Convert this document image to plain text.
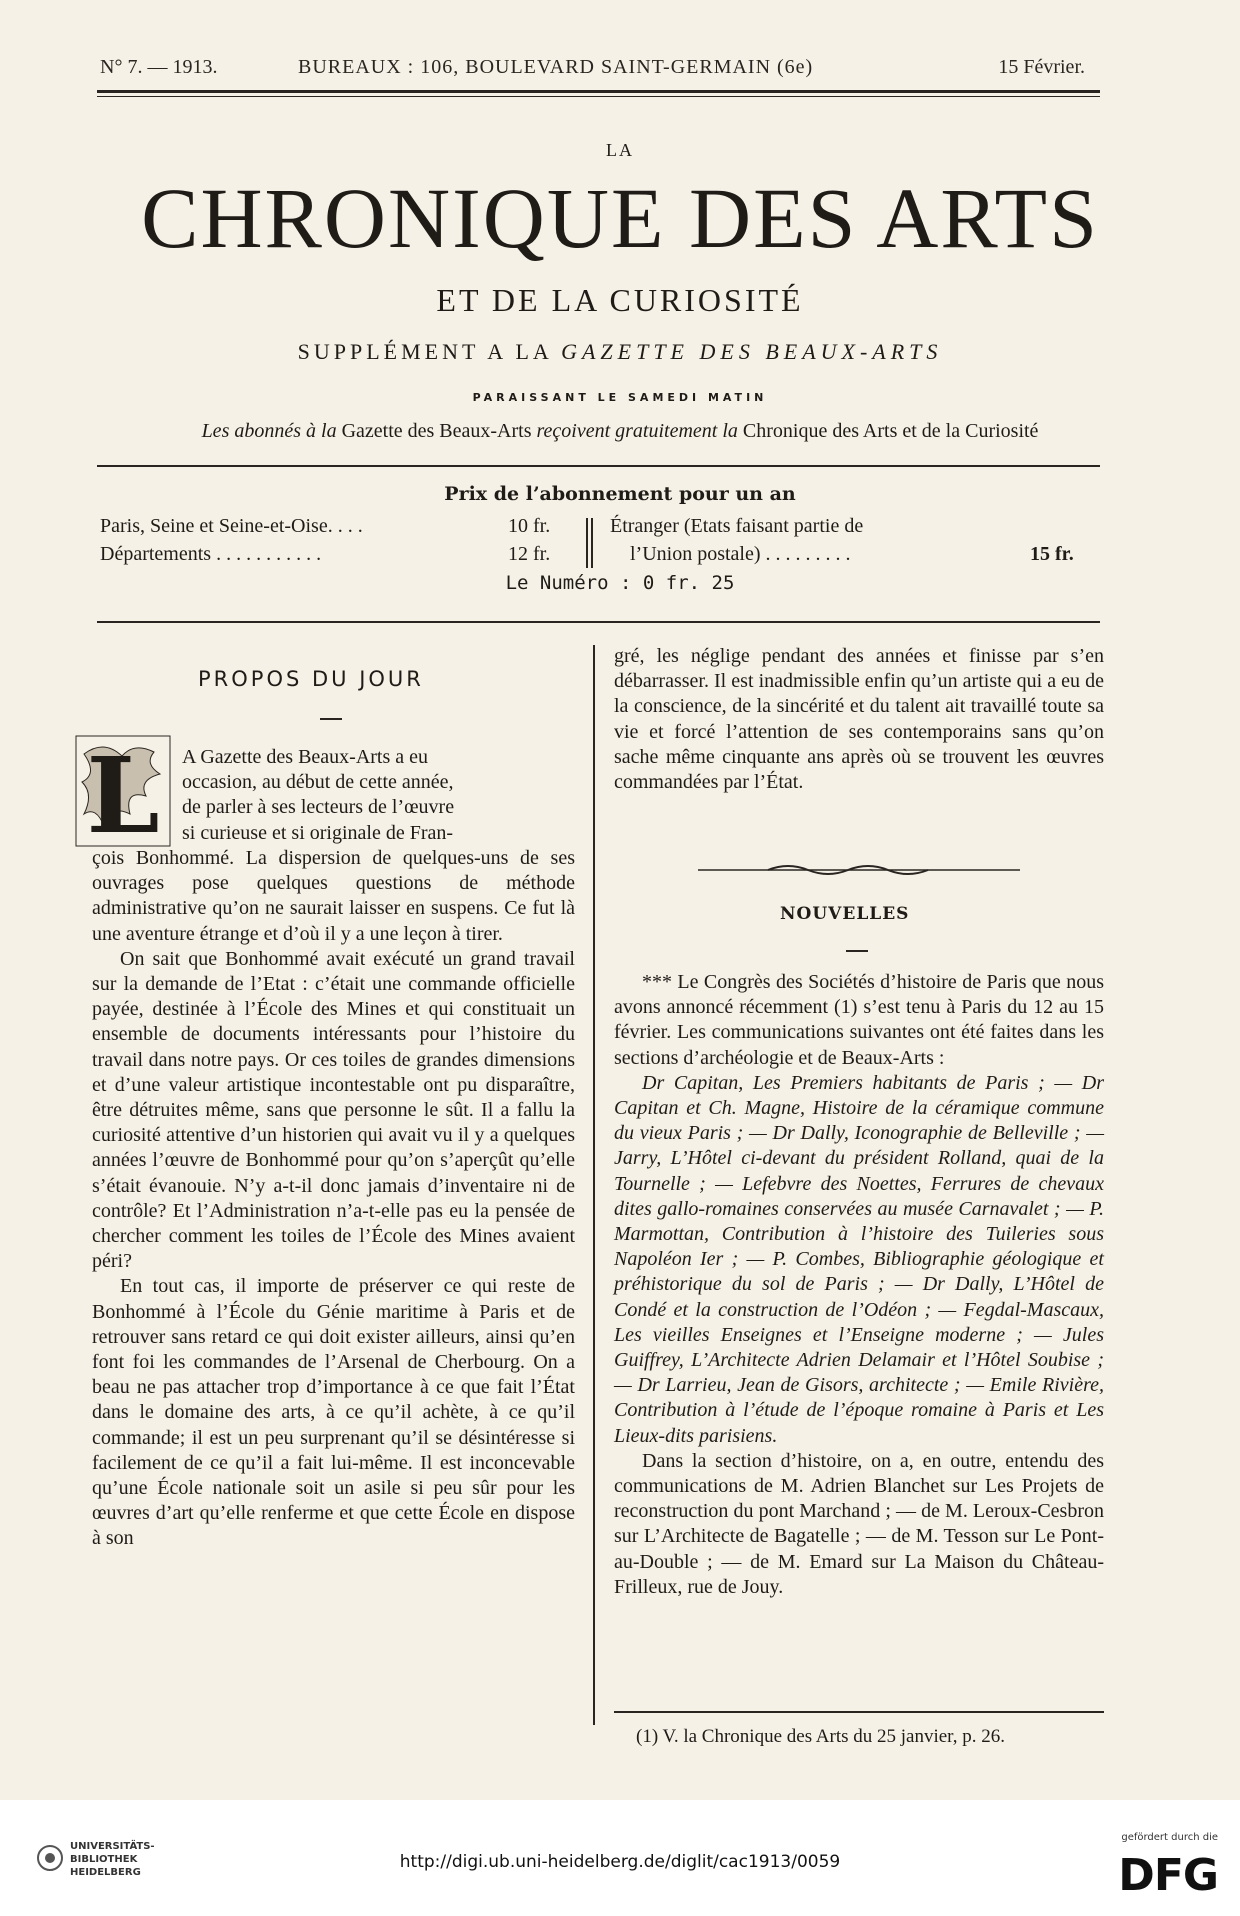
N° 7. — 1913.	BUREAUX : 106, BOULEVARD SAINT-GERMAIN (6e)	15 Février.
LA
CHRONIQUE DES ARTS
ET DE LA CURIOSITÉ
SUPPLÉMENT A LA GAZETTE DES BEAUX-ARTS
PARAISSANT LE SAMEDI MATIN
Les abonnés à la Gazette des Beaux-Arts reçoivent gratuitement la Chronique des Arts et de la Curiosité
Prix de l’abonnement pour un an
Paris, Seine et Seine-et-Oise. . . .	10 fr.
Départements . . . . . . . . . . .	12 fr.
Étranger (Etats faisant partie de
l’Union postale) . . . . . . . . .	15 fr.
Le Numéro : 0 fr. 25
PROPOS DU JOUR
L A Gazette des Beaux-Arts a eu
occasion, au début de cette année,
de parler à ses lecteurs de l’œuvre
si curieuse et si originale de Fran-

çois Bonhommé. La dispersion de quelques-uns de ses ouvrages pose quelques questions de méthode administrative qu’on ne saurait laisser en suspens. Ce fut là une aventure étrange et d’où il y a une leçon à tirer.

On sait que Bonhommé avait exécuté un grand travail sur la demande de l’Etat : c’était une commande officielle payée, destinée à l’École des Mines et qui constituait un ensemble de documents intéressants pour l’histoire du travail dans notre pays. Or ces toiles de grandes dimensions et d’une valeur artistique incontestable ont pu disparaître, être détruites même, sans que personne le sût. Il a fallu la curiosité attentive d’un historien qui avait vu il y a quelques années l’œuvre de Bonhommé pour qu’on s’aperçût qu’elle s’était évanouie. N’y a-t-il donc jamais d’inventaire ni de contrôle? Et l’Administration n’a-t-elle pas eu la pensée de chercher comment les toiles de l’École des Mines avaient péri?

En tout cas, il importe de préserver ce qui reste de Bonhommé à l’École du Génie maritime à Paris et de retrouver sans retard ce qui doit exister ailleurs, ainsi qu’en font foi les commandes de l’Arsenal de Cherbourg. On a beau ne pas attacher trop d’importance à ce que fait l’État dans le domaine des arts, à ce qu’il achète, à ce qu’il commande; il est un peu surprenant qu’il se désintéresse si facilement de ce qu’il a fait lui-même. Il est inconcevable qu’une École nationale soit un asile si peu sûr pour les œuvres d’art qu’elle renferme et que cette École en dispose à son

gré, les néglige pendant des années et finisse par s’en débarrasser. Il est inadmissible enfin qu’un artiste qui a eu de la conscience, de la sincérité et du talent ait travaillé toute sa vie et forcé l’attention de ses contemporains sans qu’on sache même cinquante ans après où se trouvent les œuvres commandées par l’État.

NOUVELLES

*** Le Congrès des Sociétés d’histoire de Paris que nous avons annoncé récemment (1) s’est tenu à Paris du 12 au 15 février. Les communications suivantes ont été faites dans les sections d’archéologie et de Beaux-Arts :

Dr Capitan, Les Premiers habitants de Paris ; — Dr Capitan et Ch. Magne, Histoire de la céramique commune du vieux Paris ; — Dr Dally, Iconographie de Belleville ; — Jarry, L’Hôtel ci-devant du président Rolland, quai de la Tournelle ; — Lefebvre des Noettes, Ferrures de chevaux dites gallo-romaines conservées au musée Carnavalet ; — P. Marmottan, Contribution à l’histoire des Tuileries sous Napoléon Ier ; — P. Combes, Bibliographie géologique et préhistorique du sol de Paris ; — Dr Dally, L’Hôtel de Condé et la construction de l’Odéon ; — Fegdal-Mascaux, Les vieilles Enseignes et l’Enseigne moderne ; — Jules Guiffrey, L’Architecte Adrien Delamair et l’Hôtel Soubise ; — Dr Larrieu, Jean de Gisors, architecte ; — Emile Rivière, Contribution à l’étude de l’époque romaine à Paris et Les Lieux-dits parisiens.

Dans la section d’histoire, on a, en outre, entendu des communications de M. Adrien Blanchet sur Les Projets de reconstruction du pont Marchand ; — de M. Leroux-Cesbron sur L’Architecte de Bagatelle ; — de M. Tesson sur Le Pont-au-Double ; — de M. Emard sur La Maison du Château-Frilleux, rue de Jouy.

(1) V. la Chronique des Arts du 25 janvier, p. 26.
UNIVERSITÄTS-
BIBLIOTHEK
HEIDELBERG
http://digi.ub.uni-heidelberg.de/diglit/cac1913/0059
gefördert durch die
DFG
